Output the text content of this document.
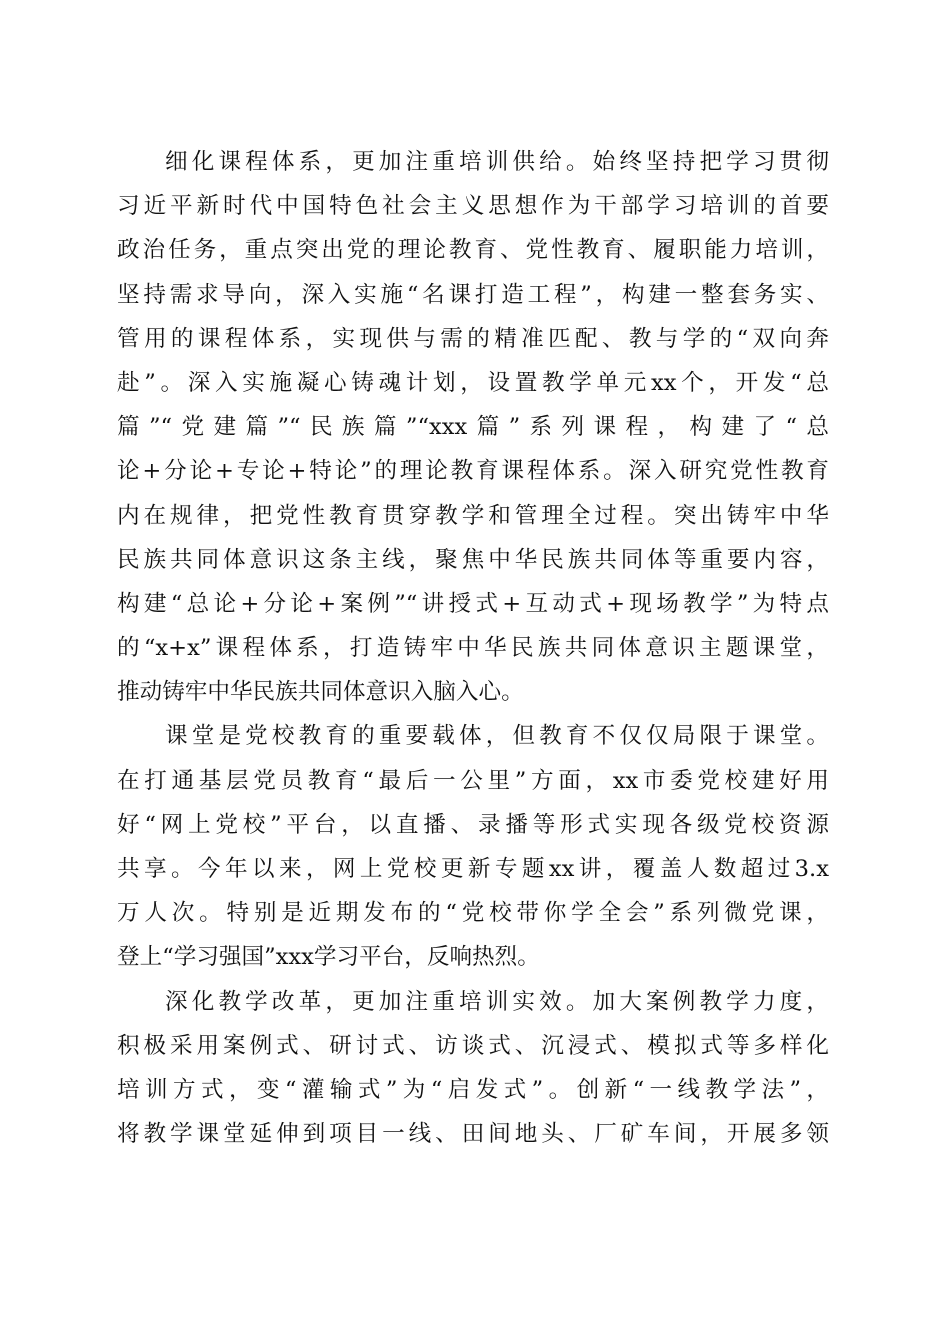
细化课程体系，更加注重培训供给。始终坚持把学习贯彻
习近平新时代中国特色社会主义思想作为干部学习培训的首要
政治任务，重点突出党的理论教育、党性教育、履职能力培训，
坚持需求导向，深入实施“名课打造工程”，构建一整套务实、
管用的课程体系，实现供与需的精准匹配、教与学的“双向奔
赴”。深入实施凝心铸魂计划，设置教学单元xx个，开发“总
篇”“党建篇”“民族篇”“xxx篇”系列课程，构建了“总
论+分论+专论+特论”的理论教育课程体系。深入研究党性教育
内在规律，把党性教育贯穿教学和管理全过程。突出铸牢中华
民族共同体意识这条主线，聚焦中华民族共同体等重要内容，
构建“总论+分论+案例”“讲授式+互动式+现场教学”为特点
的“x+x”课程体系，打造铸牢中华民族共同体意识主题课堂，
推动铸牢中华民族共同体意识入脑入心。
课堂是党校教育的重要载体，但教育不仅仅局限于课堂。
在打通基层党员教育“最后一公里”方面，xx市委党校建好用
好“网上党校”平台，以直播、录播等形式实现各级党校资源
共享。今年以来，网上党校更新专题xx讲，覆盖人数超过3.x
万人次。特别是近期发布的“党校带你学全会”系列微党课，
登上“学习强国”xxx学习平台，反响热烈。
深化教学改革，更加注重培训实效。加大案例教学力度，
积极采用案例式、研讨式、访谈式、沉浸式、模拟式等多样化
培训方式，变“灌输式”为“启发式”。创新“一线教学法”，
将教学课堂延伸到项目一线、田间地头、厂矿车间，开展多领
